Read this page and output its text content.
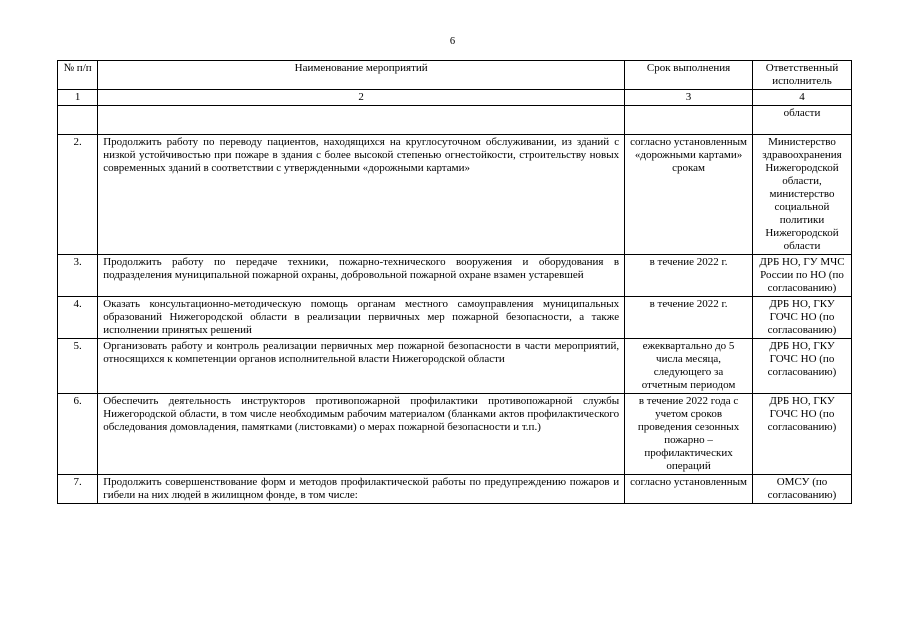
6
№ п/п	Наименование мероприятий	Срок выполнения	Ответственный исполнитель
1	2	3	4
			области
2.	Продолжить работу по переводу пациентов, находящихся на круглосуточном обслуживании, из зданий с низкой устойчивостью при пожаре в здания с более высокой степенью огнестойкости, строительству новых современных зданий в соответствии с утвержденными «дорожными картами»	согласно установленным «дорожными картами» срокам	Министерство здравоохранения Нижегородской области, министерство социальной политики Нижегородской области
3.	Продолжить работу по передаче техники, пожарно-технического вооружения и оборудования в подразделения муниципальной пожарной охраны, добровольной пожарной охране взамен устаревшей	в течение 2022 г.	ДРБ НО, ГУ МЧС России по НО (по согласованию)
4.	Оказать консультационно-методическую помощь органам местного самоуправления муниципальных образований Нижегородской области в реализации первичных мер пожарной безопасности, а также исполнении принятых решений	в течение 2022 г.	ДРБ НО, ГКУ ГОЧС НО (по согласованию)
5.	Организовать работу и контроль реализации первичных мер пожарной безопасности в части мероприятий, относящихся к компетенции органов исполнительной власти Нижегородской области	ежеквартально до 5 числа месяца, следующего за отчетным периодом	ДРБ НО, ГКУ ГОЧС НО (по согласованию)
6.	Обеспечить деятельность инструкторов противопожарной профилактики противопожарной службы Нижегородской области, в том числе необходимым рабочим материалом (бланками актов профилактического обследования домовладения, памятками (листовками) о мерах пожарной безопасности и т.п.)	в течение 2022 года с учетом сроков проведения сезонных пожарно – профилактических операций	ДРБ НО, ГКУ ГОЧС НО (по согласованию)
7.	Продолжить совершенствование форм и методов профилактической работы по предупреждению пожаров и гибели на них людей в жилищном фонде, в том числе:	согласно установленным	ОМСУ (по согласованию)
